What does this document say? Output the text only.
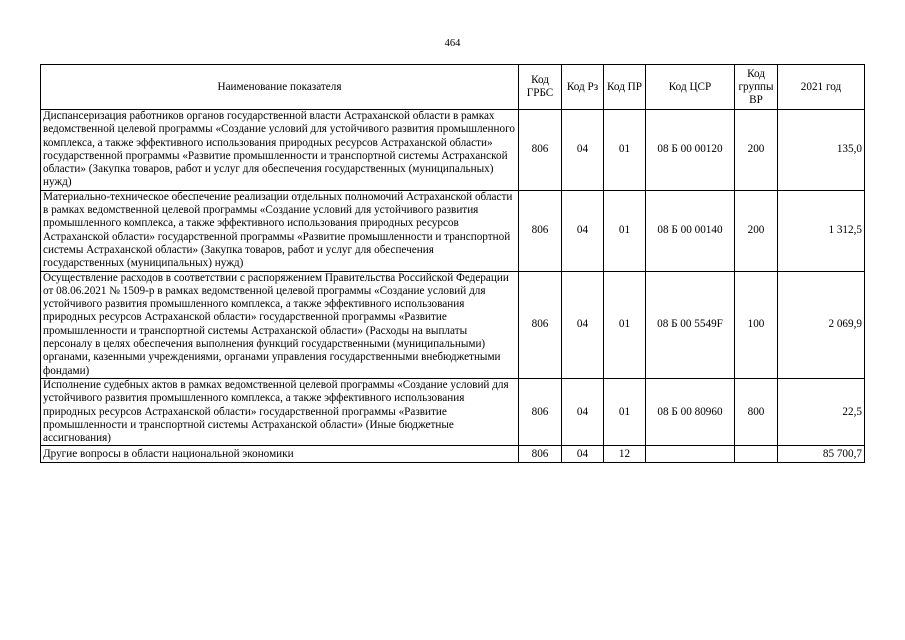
464
Наименование показателя	Код ГРБС	Код Рз	Код ПР	Код ЦСР	Код группы ВР	2021 год
Диспансеризация работников органов государственной власти Астраханской области в рамках ведомственной целевой программы «Создание условий для устойчивого развития промышленного комплекса, а также эффективного использования природных ресурсов Астраханской области» государственной программы «Развитие промышленности и транспортной системы Астраханской области» (Закупка товаров, работ и услуг для обеспечения государственных (муниципальных) нужд)	806	04	01	08 Б 00 00120	200	135,0
Материально-техническое обеспечение реализации отдельных полномочий Астраханской области в рамках ведомственной целевой программы «Создание условий для устойчивого развития промышленного комплекса, а также эффективного использования природных ресурсов Астраханской области» государственной программы «Развитие промышленности и транспортной системы Астраханской области» (Закупка товаров, работ и услуг для обеспечения государственных (муниципальных) нужд)	806	04	01	08 Б 00 00140	200	1 312,5
Осуществление расходов в соответствии с распоряжением Правительства Российской Федерации от 08.06.2021 № 1509-р в рамках ведомственной целевой программы «Создание условий для устойчивого развития промышленного комплекса, а также эффективного использования природных ресурсов Астраханской области» государственной программы «Развитие промышленности и транспортной системы Астраханской области» (Расходы на выплаты персоналу в целях обеспечения выполнения функций государственными (муниципальными) органами, казенными учреждениями, органами управления государственными внебюджетными фондами)	806	04	01	08 Б 00 5549F	100	2 069,9
Исполнение судебных актов в рамках ведомственной целевой программы «Создание условий для устойчивого развития промышленного комплекса, а также эффективного использования природных ресурсов Астраханской области» государственной программы «Развитие промышленности и транспортной системы Астраханской области» (Иные бюджетные ассигнования)	806	04	01	08 Б 00 80960	800	22,5
Другие вопросы в области национальной экономики	806	04	12			85 700,7
